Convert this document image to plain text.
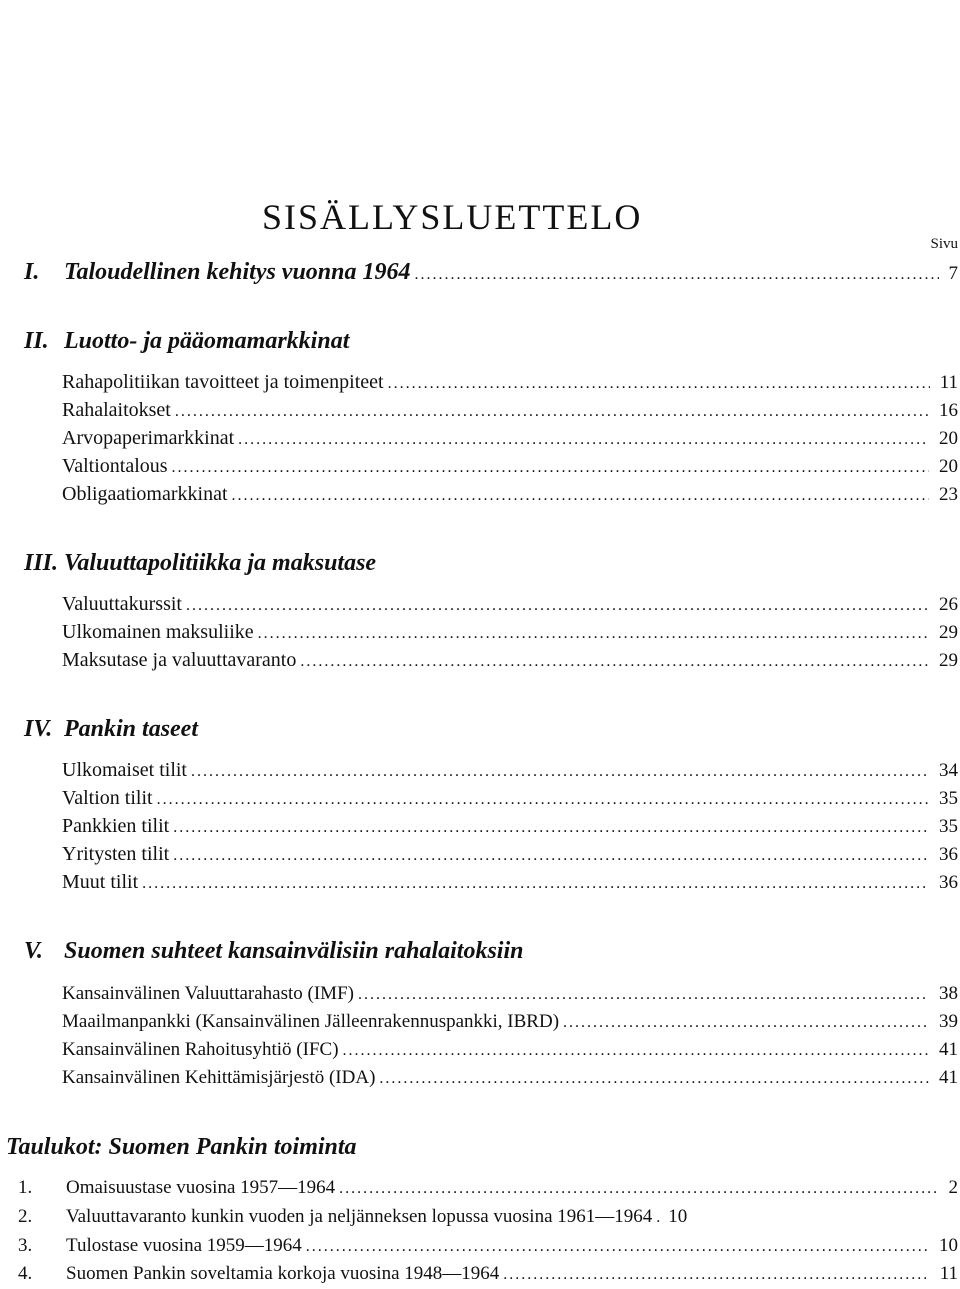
SISÄLLYSLUETTELO
Sivu
I. Taloudellinen kehitys vuonna 1964 .....	7
II. Luotto- ja pääomamarkkinat
Rahapolitiikan tavoitteet ja toimenpiteet .....	11
Rahalaitokset .....	16
Arvopaperimarkkinat .....	20
Valtiontalous .....	20
Obligaatiomarkkinat .....	23
III. Valuuttapolitiikka ja maksutase
Valuuttakurssit .....	26
Ulkomainen maksuliike .....	29
Maksutase ja valuuttavaranto .....	29
IV. Pankin taseet
Ulkomaiset tilit .....	34
Valtion tilit .....	35
Pankkien tilit .....	35
Yritysten tilit .....	36
Muut tilit .....	36
V. Suomen suhteet kansainvälisiin rahalaitoksiin
Kansainvälinen Valuuttarahasto (IMF) .....	38
Maailmanpankki (Kansainvälinen Jälleenrakennuspankki, IBRD) .....	39
Kansainvälinen Rahoitusyhtiö (IFC) .....	41
Kansainvälinen Kehittämisjärjestö (IDA) .....	41
Taulukot: Suomen Pankin toiminta
1. Omaisuustase vuosina 1957—1964 .....	2
2. Valuuttavaranto kunkin vuoden ja neljänneksen lopussa vuosina 1961—1964 ..... 10
3. Tulostase vuosina 1959—1964 .....	10
4. Suomen Pankin soveltamia korkoja vuosina 1948—1964 .....	11
